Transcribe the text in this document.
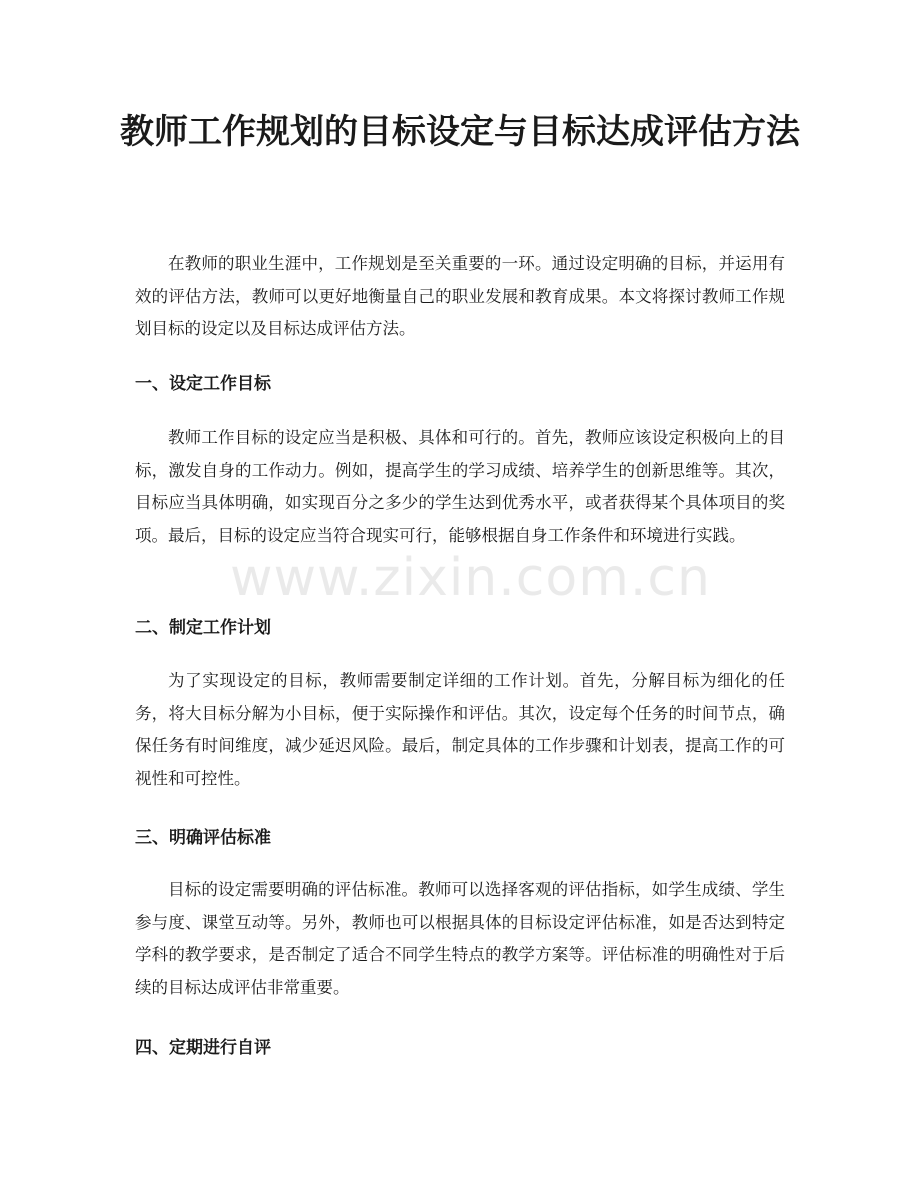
教师工作规划的目标设定与目标达成评估方法

在教师的职业生涯中，工作规划是至关重要的一环。通过设定明确的目标，并运用有效的评估方法，教师可以更好地衡量自己的职业发展和教育成果。本文将探讨教师工作规划目标的设定以及目标达成评估方法。

一、设定工作目标

教师工作目标的设定应当是积极、具体和可行的。首先，教师应该设定积极向上的目标，激发自身的工作动力。例如，提高学生的学习成绩、培养学生的创新思维等。其次，目标应当具体明确，如实现百分之多少的学生达到优秀水平，或者获得某个具体项目的奖项。最后，目标的设定应当符合现实可行，能够根据自身工作条件和环境进行实践。

二、制定工作计划

为了实现设定的目标，教师需要制定详细的工作计划。首先，分解目标为细化的任务，将大目标分解为小目标，便于实际操作和评估。其次，设定每个任务的时间节点，确保任务有时间维度，减少延迟风险。最后，制定具体的工作步骤和计划表，提高工作的可视性和可控性。

三、明确评估标准

目标的设定需要明确的评估标准。教师可以选择客观的评估指标，如学生成绩、学生参与度、课堂互动等。另外，教师也可以根据具体的目标设定评估标准，如是否达到特定学科的教学要求，是否制定了适合不同学生特点的教学方案等。评估标准的明确性对于后续的目标达成评估非常重要。

四、定期进行自评
www.zixin.com.cn
